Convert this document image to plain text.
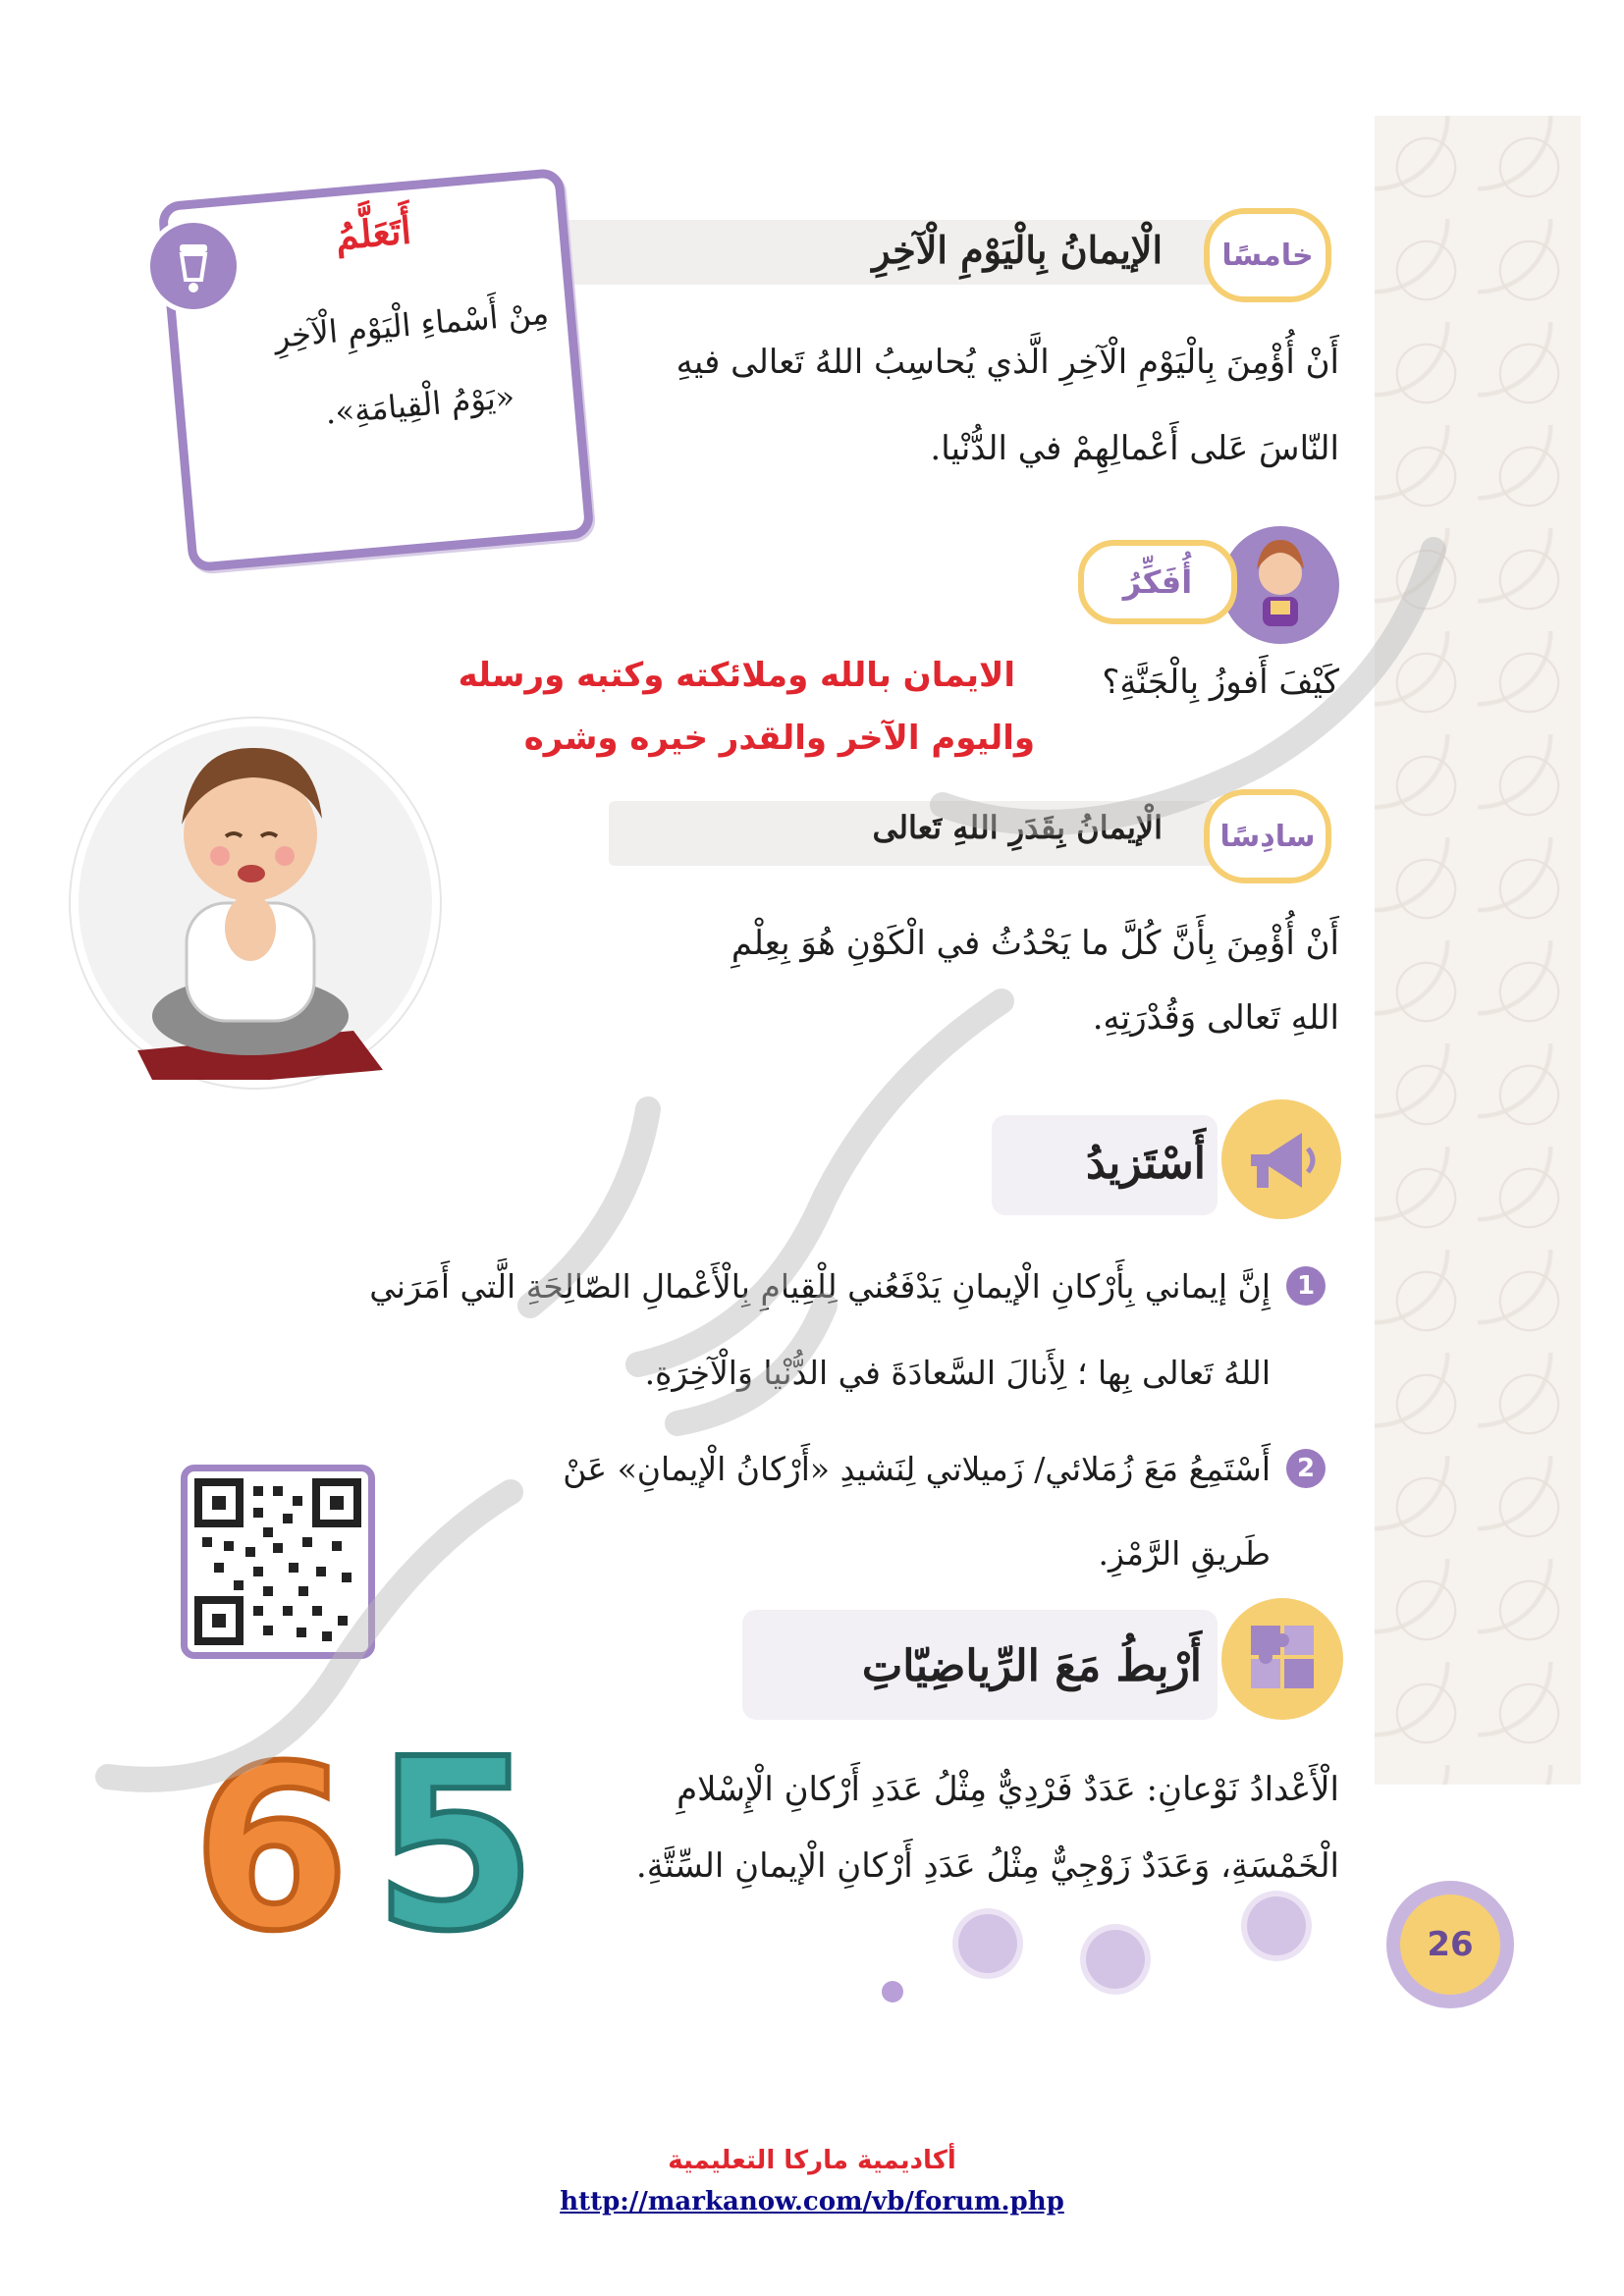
خامسًا
الْإيمانُ بِالْيَوْمِ الْآخِرِ
أَنْ أُؤْمِنَ بِالْيَوْمِ الْآخِرِ الَّذي يُحاسِبُ اللهُ تَعالى فيهِ
النّاسَ عَلى أَعْمالِهِمْ في الدُّنْيا.
أَتَعَلَّمُ
مِنْ أَسْماءِ الْيَوْمِ الْآخِرِ
«يَوْمُ الْقِيامَةِ».
أُفَكِّرُ
كَيْفَ أَفوزُ بِالْجَنَّةِ؟
الايمان بالله وملائكته وكتبه ورسله
واليوم الآخر والقدر خيره وشره
سادِسًا
الْإيمانُ بِقَدَرِ اللهِ تَعالى
أَنْ أُؤْمِنَ بِأَنَّ كُلَّ ما يَحْدُثُ في الْكَوْنِ هُوَ بِعِلْمِ
اللهِ تَعالى وَقُدْرَتِهِ.
أَسْتَزيدُ
1
إِنَّ إيماني بِأَرْكانِ الْإيمانِ يَدْفَعُني لِلْقِيامِ بِالْأَعْمالِ الصّالِحَةِ الَّتي أَمَرَني
اللهُ تَعالى بِها ؛ لِأَنالَ السَّعادَةَ في الدُّنْيا وَالْآخِرَةِ.
2
أَسْتَمِعُ مَعَ زُمَلائي/ زَميلاتي لِنَشيدِ «أَرْكانُ الْإيمانِ» عَنْ
طَريقِ الرَّمْزِ.
أَرْبِطُ مَعَ الرِّياضِيّاتِ
الْأَعْدادُ نَوْعانِ: عَدَدٌ فَرْدِيٌّ مِثْلُ عَدَدِ أَرْكانِ الْإِسْلامِ
الْخَمْسَةِ، وَعَدَدٌ زَوْجِيٌّ مِثْلُ عَدَدِ أَرْكانِ الْإيمانِ السِّتَّةِ.
6 5	26
أكاديمية ماركا التعليمية
http://markanow.com/vb/forum.php
